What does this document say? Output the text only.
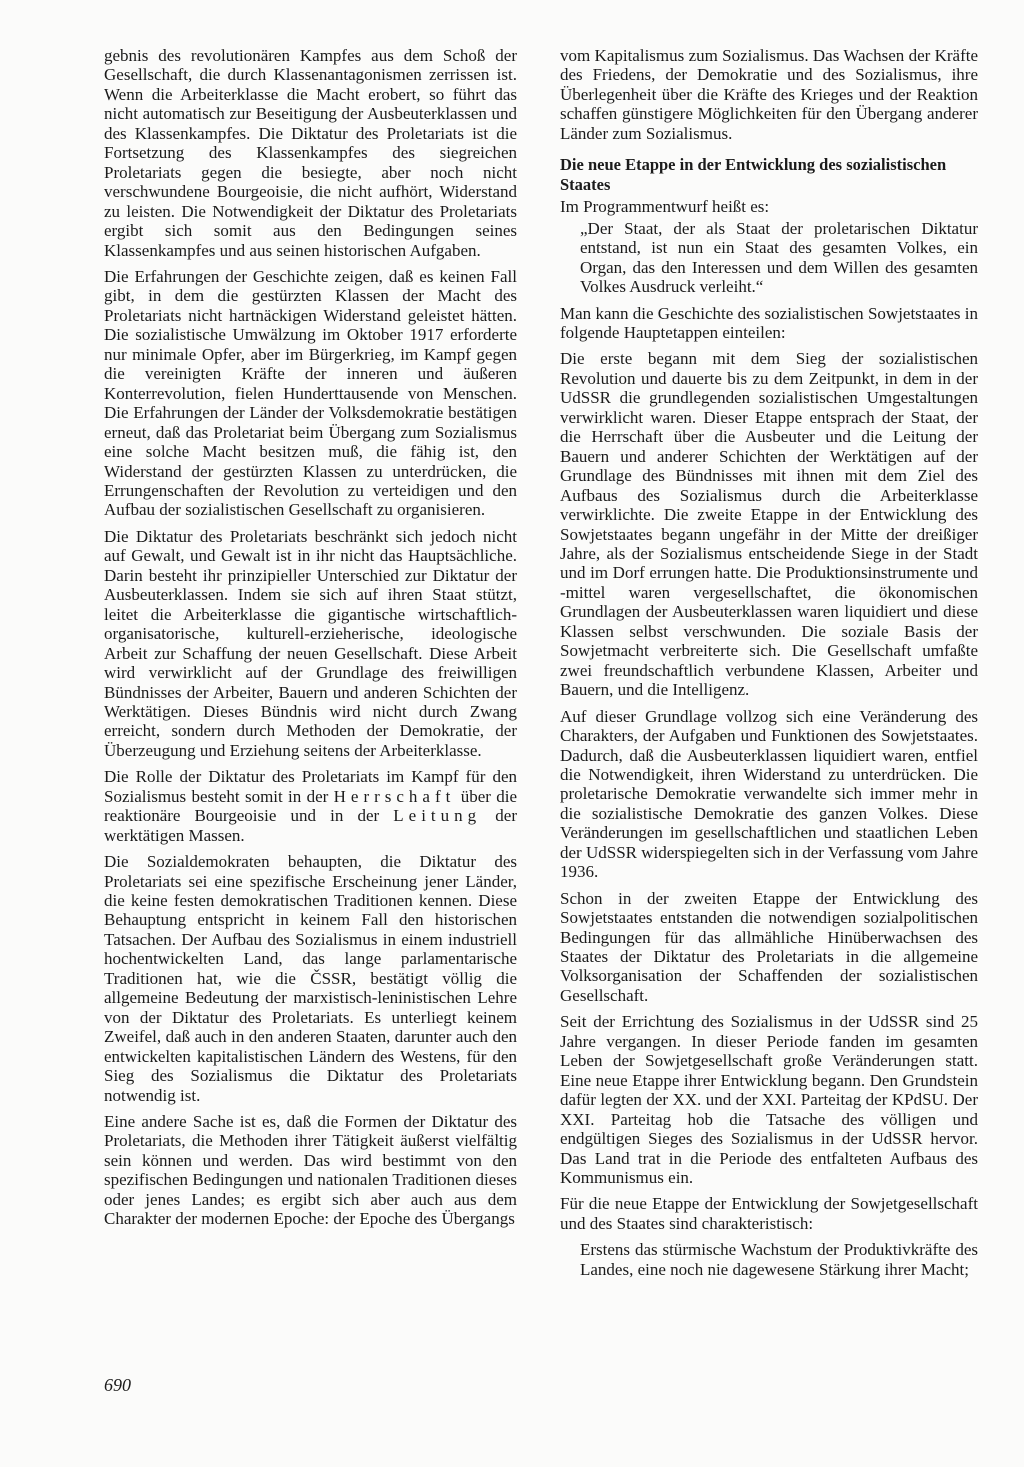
gebnis des revolutionären Kampfes aus dem Schoß der Gesellschaft, die durch Klassenantagonismen zerrissen ist. Wenn die Arbeiterklasse die Macht erobert, so führt das nicht automatisch zur Beseitigung der Ausbeuterklassen und des Klassenkampfes. Die Diktatur des Proletariats ist die Fortsetzung des Klassenkampfes des siegreichen Proletariats gegen die besiegte, aber noch nicht verschwundene Bourgeoisie, die nicht aufhört, Widerstand zu leisten. Die Notwendigkeit der Diktatur des Proletariats ergibt sich somit aus den Bedingungen seines Klassenkampfes und aus seinen historischen Aufgaben.

Die Erfahrungen der Geschichte zeigen, daß es keinen Fall gibt, in dem die gestürzten Klassen der Macht des Proletariats nicht hartnäckigen Widerstand geleistet hätten. Die sozialistische Umwälzung im Oktober 1917 erforderte nur minimale Opfer, aber im Bürgerkrieg, im Kampf gegen die vereinigten Kräfte der inneren und äußeren Konterrevolution, fielen Hunderttausende von Menschen. Die Erfahrungen der Länder der Volksdemokratie bestätigen erneut, daß das Proletariat beim Übergang zum Sozialismus eine solche Macht besitzen muß, die fähig ist, den Widerstand der gestürzten Klassen zu unterdrücken, die Errungenschaften der Revolution zu verteidigen und den Aufbau der sozialistischen Gesellschaft zu organisieren.

Die Diktatur des Proletariats beschränkt sich jedoch nicht auf Gewalt, und Gewalt ist in ihr nicht das Hauptsächliche. Darin besteht ihr prinzipieller Unterschied zur Diktatur der Ausbeuterklassen. Indem sie sich auf ihren Staat stützt, leitet die Arbeiterklasse die gigantische wirtschaftlich-organisatorische, kulturell-erzieherische, ideologische Arbeit zur Schaffung der neuen Gesellschaft. Diese Arbeit wird verwirklicht auf der Grundlage des freiwilligen Bündnisses der Arbeiter, Bauern und anderen Schichten der Werktätigen. Dieses Bündnis wird nicht durch Zwang erreicht, sondern durch Methoden der Demokratie, der Überzeugung und Erziehung seitens der Arbeiterklasse.

Die Rolle der Diktatur des Proletariats im Kampf für den Sozialismus besteht somit in der Herrschaft über die reaktionäre Bourgeoisie und in der Leitung der werktätigen Massen.

Die Sozialdemokraten behaupten, die Diktatur des Proletariats sei eine spezifische Erscheinung jener Länder, die keine festen demokratischen Traditionen kennen. Diese Behauptung entspricht in keinem Fall den historischen Tatsachen. Der Aufbau des Sozialismus in einem industriell hochentwickelten Land, das lange parlamentarische Traditionen hat, wie die ČSSR, bestätigt völlig die allgemeine Bedeutung der marxistisch-leninistischen Lehre von der Diktatur des Proletariats. Es unterliegt keinem Zweifel, daß auch in den anderen Staaten, darunter auch den entwickelten kapitalistischen Ländern des Westens, für den Sieg des Sozialismus die Diktatur des Proletariats notwendig ist.

Eine andere Sache ist es, daß die Formen der Diktatur des Proletariats, die Methoden ihrer Tätigkeit äußerst vielfältig sein können und werden. Das wird bestimmt von den spezifischen Bedingungen und nationalen Traditionen dieses oder jenes Landes; es ergibt sich aber auch aus dem Charakter der modernen Epoche: der Epoche des Übergangs

vom Kapitalismus zum Sozialismus. Das Wachsen der Kräfte des Friedens, der Demokratie und des Sozialismus, ihre Überlegenheit über die Kräfte des Krieges und der Reaktion schaffen günstigere Möglichkeiten für den Übergang anderer Länder zum Sozialismus.

Die neue Etappe in der Entwicklung des sozialistischen Staates

Im Programmentwurf heißt es:

„Der Staat, der als Staat der proletarischen Diktatur entstand, ist nun ein Staat des gesamten Volkes, ein Organ, das den Interessen und dem Willen des gesamten Volkes Ausdruck verleiht.“

Man kann die Geschichte des sozialistischen Sowjetstaates in folgende Hauptetappen einteilen:

Die erste begann mit dem Sieg der sozialistischen Revolution und dauerte bis zu dem Zeitpunkt, in dem in der UdSSR die grundlegenden sozialistischen Umgestaltungen verwirklicht waren. Dieser Etappe entsprach der Staat, der die Herrschaft über die Ausbeuter und die Leitung der Bauern und anderer Schichten der Werktätigen auf der Grundlage des Bündnisses mit ihnen mit dem Ziel des Aufbaus des Sozialismus durch die Arbeiterklasse verwirklichte. Die zweite Etappe in der Entwicklung des Sowjetstaates begann ungefähr in der Mitte der dreißiger Jahre, als der Sozialismus entscheidende Siege in der Stadt und im Dorf errungen hatte. Die Produktionsinstrumente und -mittel waren vergesellschaftet, die ökonomischen Grundlagen der Ausbeuterklassen waren liquidiert und diese Klassen selbst verschwunden. Die soziale Basis der Sowjetmacht verbreiterte sich. Die Gesellschaft umfaßte zwei freundschaftlich verbundene Klassen, Arbeiter und Bauern, und die Intelligenz.

Auf dieser Grundlage vollzog sich eine Veränderung des Charakters, der Aufgaben und Funktionen des Sowjetstaates. Dadurch, daß die Ausbeuterklassen liquidiert waren, entfiel die Notwendigkeit, ihren Widerstand zu unterdrücken. Die proletarische Demokratie verwandelte sich immer mehr in die sozialistische Demokratie des ganzen Volkes. Diese Veränderungen im gesellschaftlichen und staatlichen Leben der UdSSR widerspiegelten sich in der Verfassung vom Jahre 1936.

Schon in der zweiten Etappe der Entwicklung des Sowjetstaates entstanden die notwendigen sozialpolitischen Bedingungen für das allmähliche Hinüberwachsen des Staates der Diktatur des Proletariats in die allgemeine Volksorganisation der Schaffenden der sozialistischen Gesellschaft.

Seit der Errichtung des Sozialismus in der UdSSR sind 25 Jahre vergangen. In dieser Periode fanden im gesamten Leben der Sowjetgesellschaft große Veränderungen statt. Eine neue Etappe ihrer Entwicklung begann. Den Grundstein dafür legten der XX. und der XXI. Parteitag der KPdSU. Der XXI. Parteitag hob die Tatsache des völligen und endgültigen Sieges des Sozialismus in der UdSSR hervor. Das Land trat in die Periode des entfalteten Aufbaus des Kommunismus ein.

Für die neue Etappe der Entwicklung der Sowjetgesellschaft und des Staates sind charakteristisch:

Erstens das stürmische Wachstum der Produktivkräfte des Landes, eine noch nie dagewesene Stärkung ihrer Macht;

690
